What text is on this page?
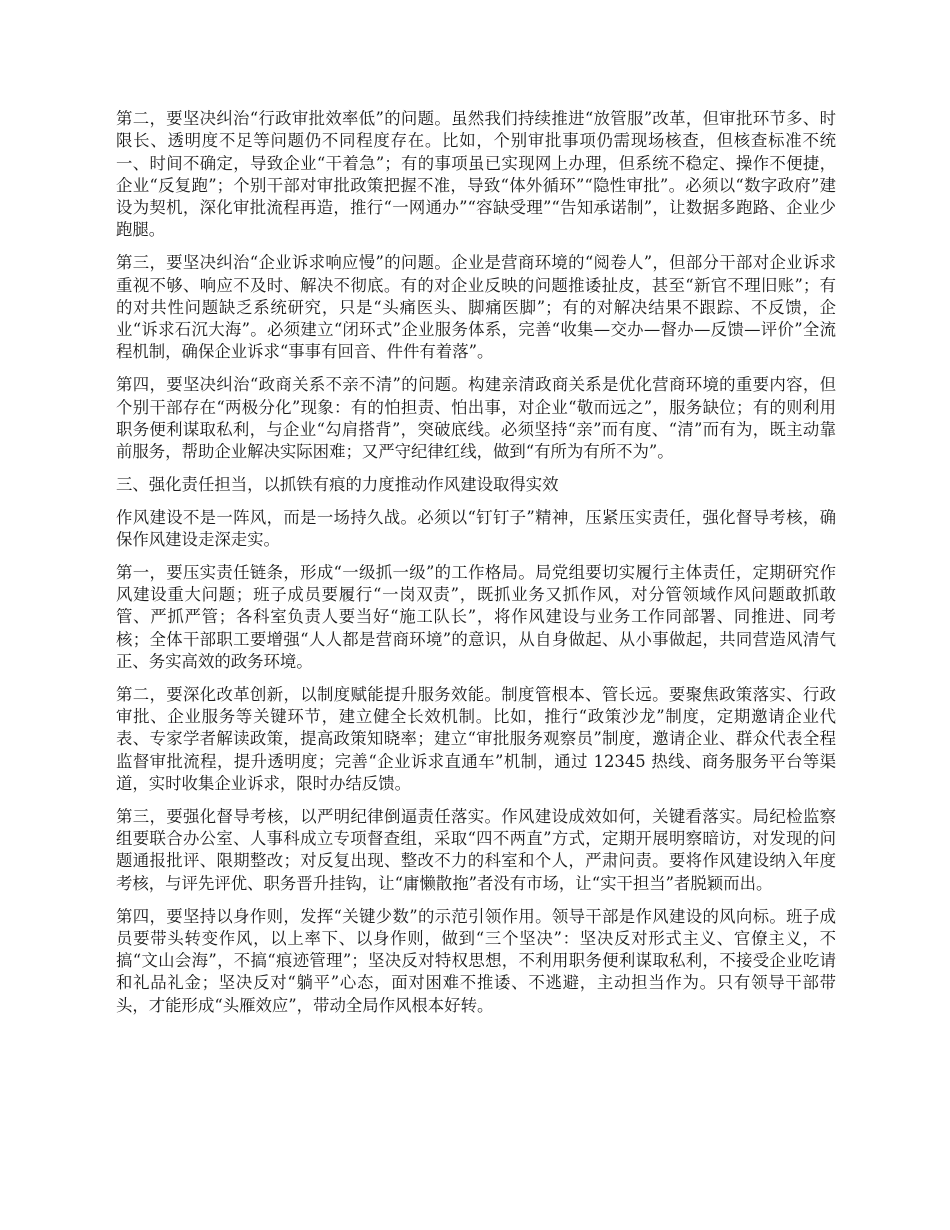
第二，要坚决纠治“行政审批效率低”的问题。虽然我们持续推进“放管服”改革，但审批环节多、时限长、透明度不足等问题仍不同程度存在。比如，个别审批事项仍需现场核查，但核查标准不统一、时间不确定，导致企业“干着急”；有的事项虽已实现网上办理，但系统不稳定、操作不便捷，企业“反复跑”；个别干部对审批政策把握不准，导致“体外循环”“隐性审批”。必须以“数字政府”建设为契机，深化审批流程再造，推行“一网通办”“容缺受理”“告知承诺制”，让数据多跑路、企业少跑腿。

第三，要坚决纠治“企业诉求响应慢”的问题。企业是营商环境的“阅卷人”，但部分干部对企业诉求重视不够、响应不及时、解决不彻底。有的对企业反映的问题推诿扯皮，甚至“新官不理旧账”；有的对共性问题缺乏系统研究，只是“头痛医头、脚痛医脚”；有的对解决结果不跟踪、不反馈，企业“诉求石沉大海”。必须建立“闭环式”企业服务体系，完善“收集—交办—督办—反馈—评价”全流程机制，确保企业诉求“事事有回音、件件有着落”。

第四，要坚决纠治“政商关系不亲不清”的问题。构建亲清政商关系是优化营商环境的重要内容，但个别干部存在“两极分化”现象：有的怕担责、怕出事，对企业“敬而远之”，服务缺位；有的则利用职务便利谋取私利，与企业“勾肩搭背”，突破底线。必须坚持“亲”而有度、“清”而有为，既主动靠前服务，帮助企业解决实际困难；又严守纪律红线，做到“有所为有所不为”。

三、强化责任担当，以抓铁有痕的力度推动作风建设取得实效

作风建设不是一阵风，而是一场持久战。必须以“钉钉子”精神，压紧压实责任，强化督导考核，确保作风建设走深走实。

第一，要压实责任链条，形成“一级抓一级”的工作格局。局党组要切实履行主体责任，定期研究作风建设重大问题；班子成员要履行“一岗双责”，既抓业务又抓作风，对分管领域作风问题敢抓敢管、严抓严管；各科室负责人要当好“施工队长”，将作风建设与业务工作同部署、同推进、同考核；全体干部职工要增强“人人都是营商环境”的意识，从自身做起、从小事做起，共同营造风清气正、务实高效的政务环境。

第二，要深化改革创新，以制度赋能提升服务效能。制度管根本、管长远。要聚焦政策落实、行政审批、企业服务等关键环节，建立健全长效机制。比如，推行“政策沙龙”制度，定期邀请企业代表、专家学者解读政策，提高政策知晓率；建立“审批服务观察员”制度，邀请企业、群众代表全程监督审批流程，提升透明度；完善“企业诉求直通车”机制，通过 12345 热线、商务服务平台等渠道，实时收集企业诉求，限时办结反馈。

第三，要强化督导考核，以严明纪律倒逼责任落实。作风建设成效如何，关键看落实。局纪检监察组要联合办公室、人事科成立专项督查组，采取“四不两直”方式，定期开展明察暗访，对发现的问题通报批评、限期整改；对反复出现、整改不力的科室和个人，严肃问责。要将作风建设纳入年度考核，与评先评优、职务晋升挂钩，让“庸懒散拖”者没有市场，让“实干担当”者脱颖而出。

第四，要坚持以身作则，发挥“关键少数”的示范引领作用。领导干部是作风建设的风向标。班子成员要带头转变作风，以上率下、以身作则，做到“三个坚决”：坚决反对形式主义、官僚主义，不搞“文山会海”，不搞“痕迹管理”；坚决反对特权思想，不利用职务便利谋取私利，不接受企业吃请和礼品礼金；坚决反对“躺平”心态，面对困难不推诿、不逃避，主动担当作为。只有领导干部带头，才能形成“头雁效应”，带动全局作风根本好转。
